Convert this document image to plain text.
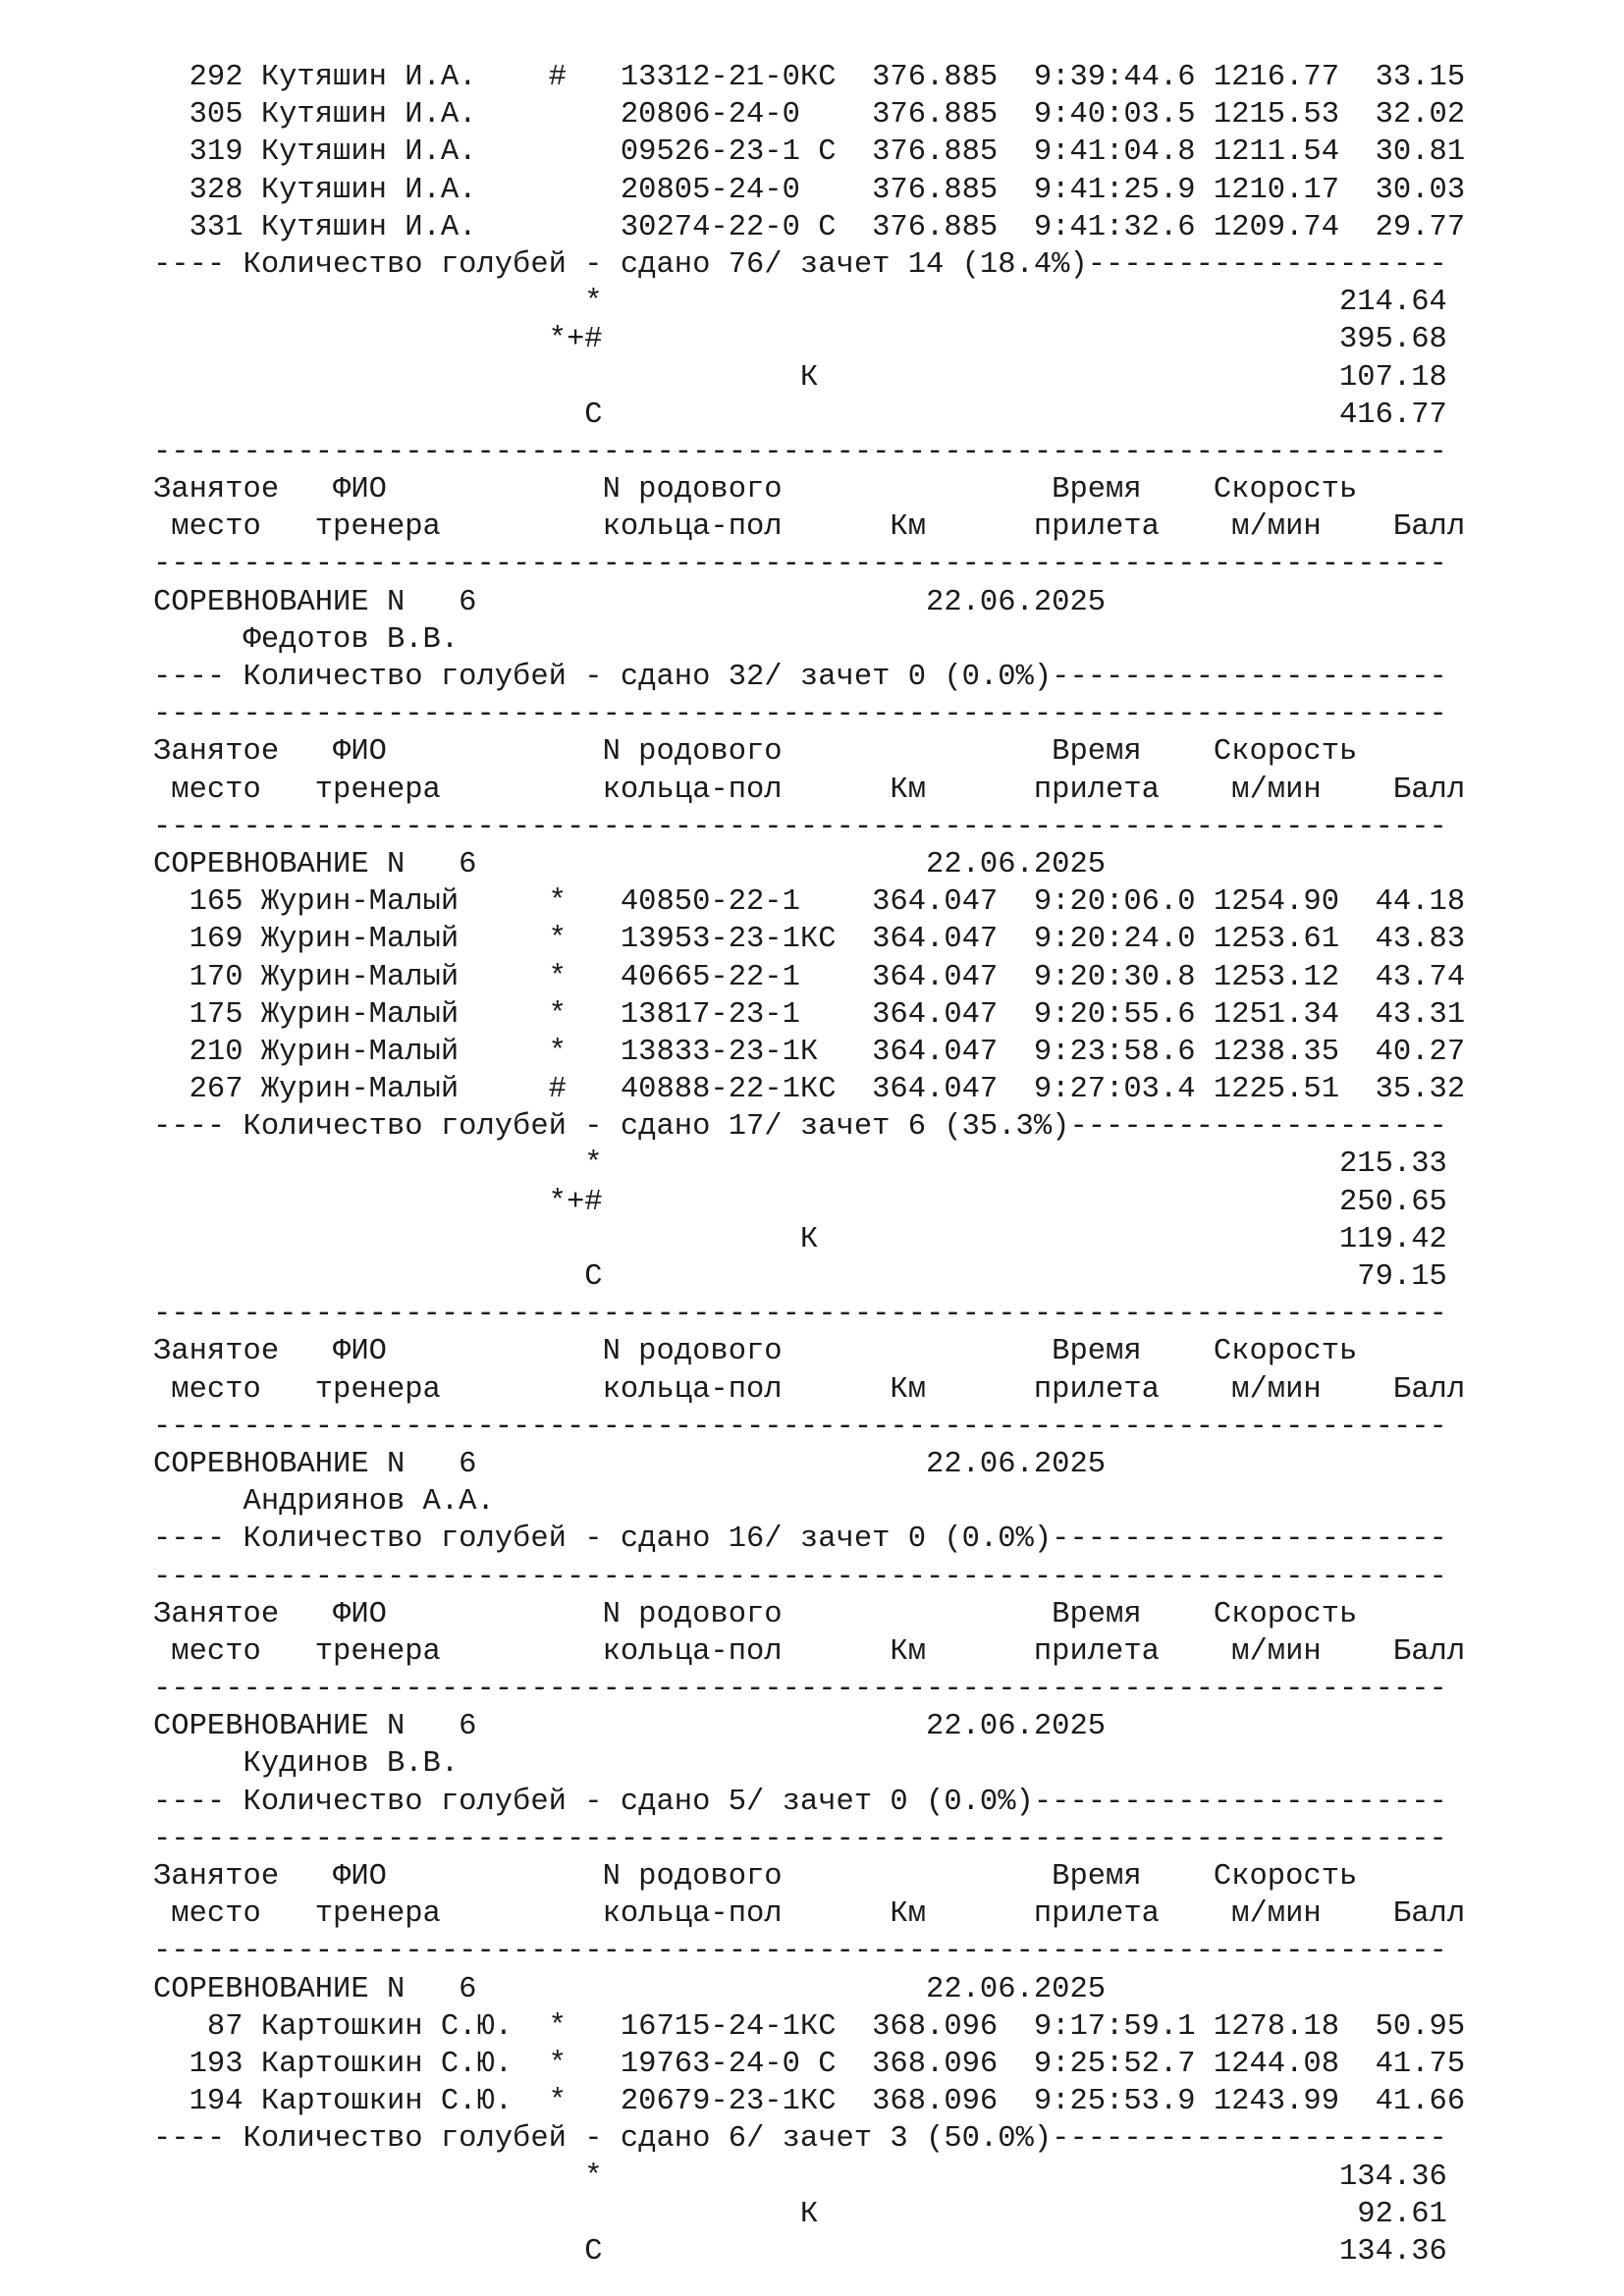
292 Кутяшин И.А.    #   13312-21-0КС  376.885  9:39:44.6 1216.77  33.15
305 Кутяшин И.А.        20806-24-0    376.885  9:40:03.5 1215.53  32.02
319 Кутяшин И.А.        09526-23-1 С  376.885  9:41:04.8 1211.54  30.81
328 Кутяшин И.А.        20805-24-0    376.885  9:41:25.9 1210.17  30.03
331 Кутяшин И.А.        30274-22-0 С  376.885  9:41:32.6 1209.74  29.77
---- Количество голубей - сдано 76/ зачет 14 (18.4%)--------------------
*                                         214.64
*+#                                         395.68
К                             107.18
С                                         416.77
------------------------------------------------------------------------
Занятое   ФИО            N родового               Время    Скорость
место   тренера         кольца-пол      Км      прилета    м/мин    Балл
------------------------------------------------------------------------
СОРЕВНОВАНИЕ N   6                         22.06.2025
Федотов В.В.
---- Количество голубей - сдано 32/ зачет 0 (0.0%)----------------------
------------------------------------------------------------------------
Занятое   ФИО            N родового               Время    Скорость
место   тренера         кольца-пол      Км      прилета    м/мин    Балл
------------------------------------------------------------------------
СОРЕВНОВАНИЕ N   6                         22.06.2025
165 Журин-Малый     *   40850-22-1    364.047  9:20:06.0 1254.90  44.18
169 Журин-Малый     *   13953-23-1КС  364.047  9:20:24.0 1253.61  43.83
170 Журин-Малый     *   40665-22-1    364.047  9:20:30.8 1253.12  43.74
175 Журин-Малый     *   13817-23-1    364.047  9:20:55.6 1251.34  43.31
210 Журин-Малый     *   13833-23-1К   364.047  9:23:58.6 1238.35  40.27
267 Журин-Малый     #   40888-22-1КС  364.047  9:27:03.4 1225.51  35.32
---- Количество голубей - сдано 17/ зачет 6 (35.3%)---------------------
*                                         215.33
*+#                                         250.65
К                             119.42
С                                          79.15
------------------------------------------------------------------------
Занятое   ФИО            N родового               Время    Скорость
место   тренера         кольца-пол      Км      прилета    м/мин    Балл
------------------------------------------------------------------------
СОРЕВНОВАНИЕ N   6                         22.06.2025
Андриянов А.А.
---- Количество голубей - сдано 16/ зачет 0 (0.0%)----------------------
------------------------------------------------------------------------
Занятое   ФИО            N родового               Время    Скорость
место   тренера         кольца-пол      Км      прилета    м/мин    Балл
------------------------------------------------------------------------
СОРЕВНОВАНИЕ N   6                         22.06.2025
Кудинов В.В.
---- Количество голубей - сдано 5/ зачет 0 (0.0%)-----------------------
------------------------------------------------------------------------
Занятое   ФИО            N родового               Время    Скорость
место   тренера         кольца-пол      Км      прилета    м/мин    Балл
------------------------------------------------------------------------
СОРЕВНОВАНИЕ N   6                         22.06.2025
87 Картошкин С.Ю.  *   16715-24-1КС  368.096  9:17:59.1 1278.18  50.95
193 Картошкин С.Ю.  *   19763-24-0 С  368.096  9:25:52.7 1244.08  41.75
194 Картошкин С.Ю.  *   20679-23-1КС  368.096  9:25:53.9 1243.99  41.66
---- Количество голубей - сдано 6/ зачет 3 (50.0%)----------------------
*                                         134.36
К                              92.61
С                                         134.36
